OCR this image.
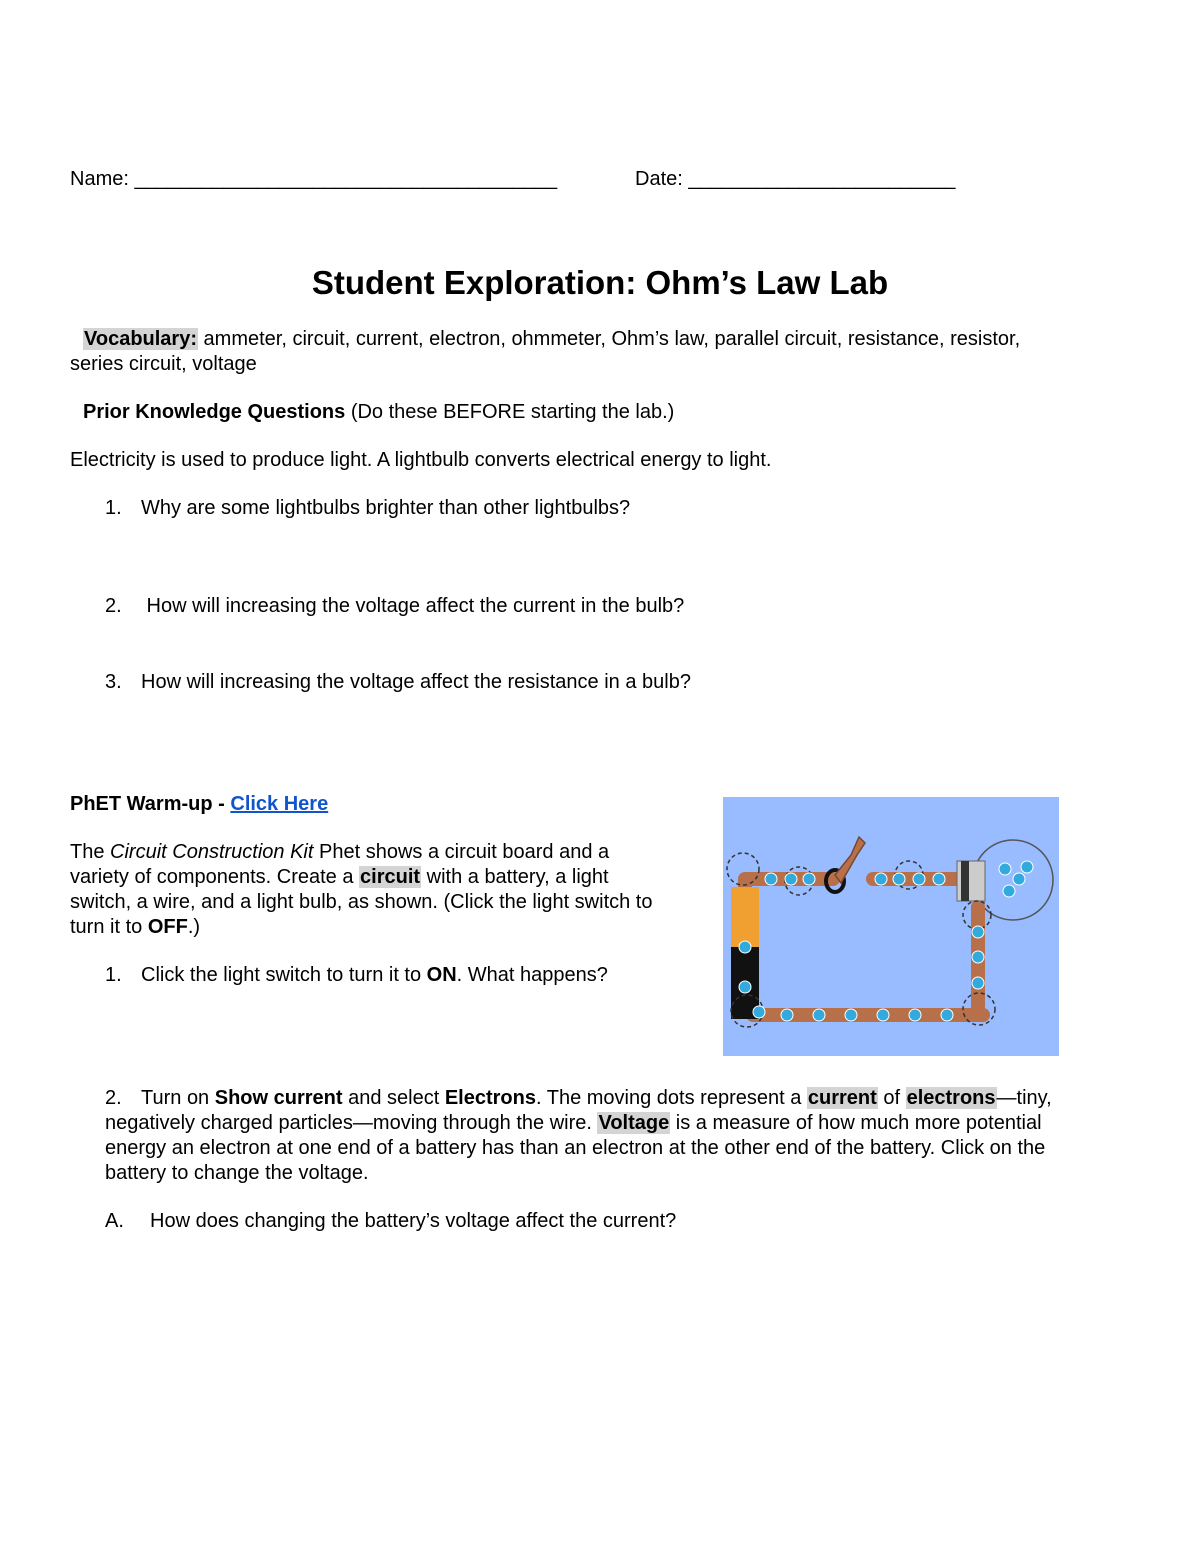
Name: ______________________________________	Date: ________________________
Student Exploration: Ohm’s Law Lab
Vocabulary: ammeter, circuit, current, electron, ohmmeter, Ohm’s law, parallel circuit, resistance, resistor,
series circuit, voltage
Prior Knowledge Questions (Do these BEFORE starting the lab.)
Electricity is used to produce light. A lightbulb converts electrical energy to light.
1. Why are some lightbulbs brighter than other lightbulbs?
2. How will increasing the voltage affect the current in the bulb?
3. How will increasing the voltage affect the resistance in a bulb?
PhET Warm-up - Click Here
The Circuit Construction Kit Phet shows a circuit board and a
variety of components. Create a circuit with a battery, a light
switch, a wire, and a light bulb, as shown. (Click the light switch to
turn it to OFF.)
1. Click the light switch to turn it to ON. What happens?
2. Turn on Show current and select Electrons. The moving dots represent a current of electrons—tiny,
negatively charged particles—moving through the wire. Voltage is a measure of how much more potential
energy an electron at one end of a battery has than an electron at the other end of the battery. Click on the
battery to change the voltage.
A. How does changing the battery’s voltage affect the current?
